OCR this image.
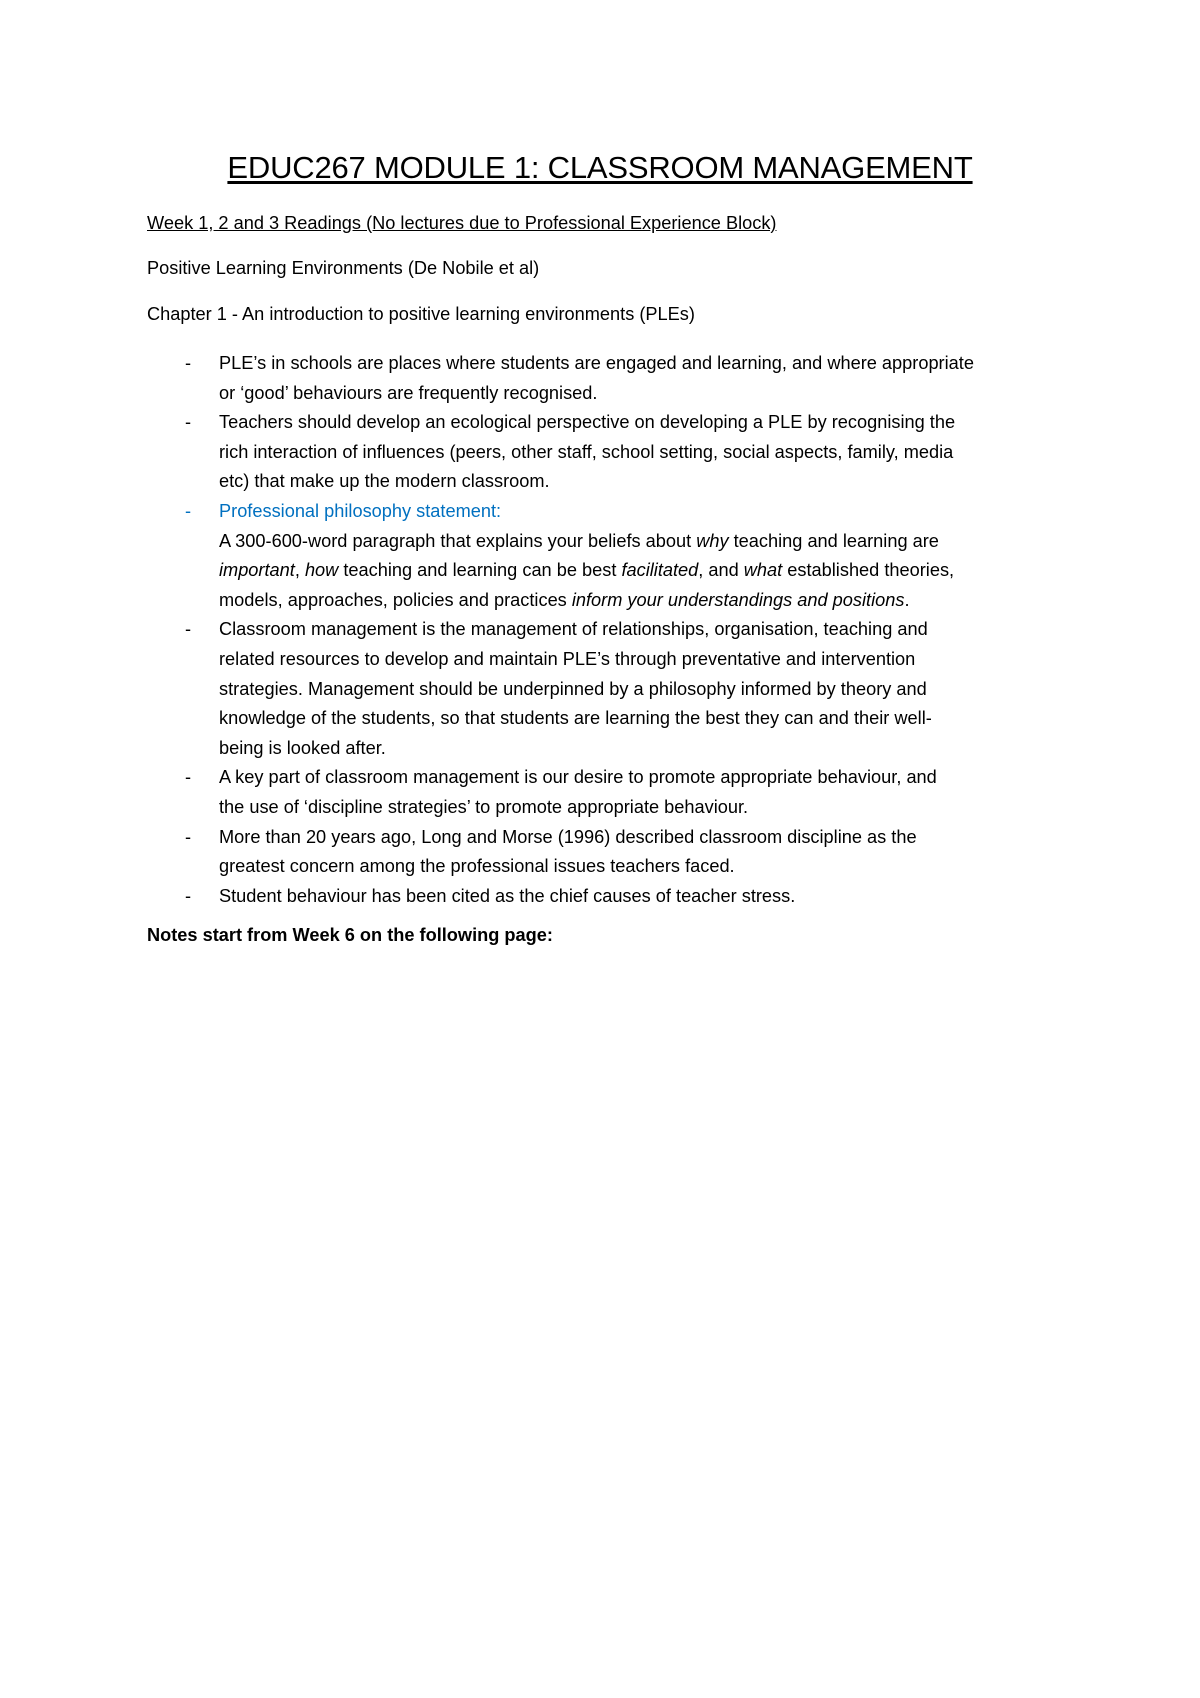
EDUC267 MODULE 1: CLASSROOM MANAGEMENT
Week 1, 2 and 3 Readings (No lectures due to Professional Experience Block)
Positive Learning Environments (De Nobile et al)
Chapter 1 - An introduction to positive learning environments (PLEs)
- PLE’s in schools are places where students are engaged and learning, and where appropriate
or ‘good’ behaviours are frequently recognised.
- Teachers should develop an ecological perspective on developing a PLE by recognising the
rich interaction of influences (peers, other staff, school setting, social aspects, family, media
etc) that make up the modern classroom.
- Professional philosophy statement:
A 300-600-word paragraph that explains your beliefs about why teaching and learning are
important, how teaching and learning can be best facilitated, and what established theories,
models, approaches, policies and practices inform your understandings and positions.
- Classroom management is the management of relationships, organisation, teaching and
related resources to develop and maintain PLE’s through preventative and intervention
strategies. Management should be underpinned by a philosophy informed by theory and
knowledge of the students, so that students are learning the best they can and their well-
being is looked after.
- A key part of classroom management is our desire to promote appropriate behaviour, and
the use of ‘discipline strategies’ to promote appropriate behaviour.
- More than 20 years ago, Long and Morse (1996) described classroom discipline as the
greatest concern among the professional issues teachers faced.
- Student behaviour has been cited as the chief causes of teacher stress.
Notes start from Week 6 on the following page:
